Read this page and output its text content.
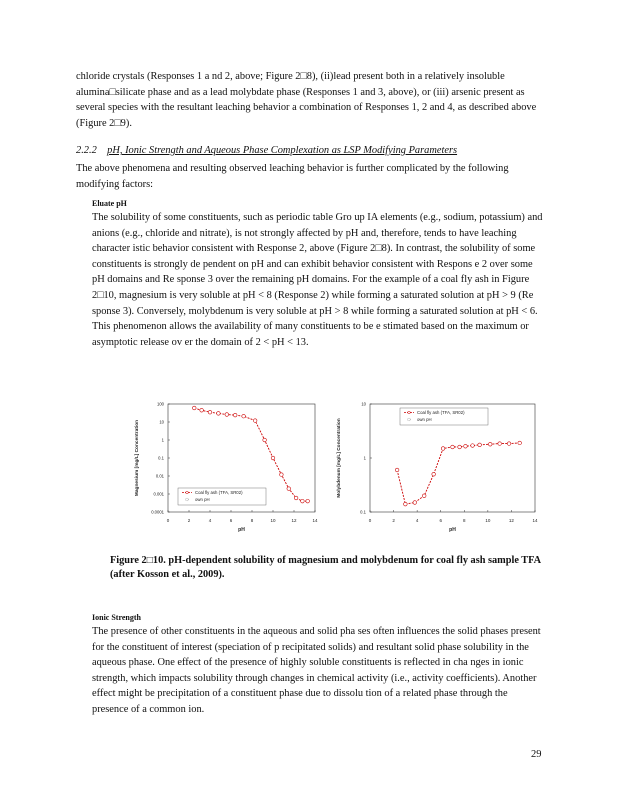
chloride crystals (Responses 1 a nd 2, above; Figure 2□8), (ii)lead present both in a relatively insoluble alumina□silicate phase and as a lead molybdate phase (Responses 1 and 3, above), or (iii) arsenic present as several species with the resultant leaching behavior a combination of Responses 1, 2 and 4, as described above (Figure 2□9).
2.2.2 pH, Ionic Strength and Aqueous Phase Complexation as LSP Modifying Parameters
The above phenomena and resulting observed leaching behavior is further complicated by the following modifying factors:
Eluate pH
The solubility of some constituents, such as periodic table Gro up IA elements (e.g., sodium, potassium) and anions (e.g., chloride and nitrate), is not strongly affected by pH and, therefore, tends to have leaching character istic behavior consistent with Response 2, above (Figure 2□8). In contrast, the solubility of some constituents is strongly de pendent on pH and can exhibit behavior consistent with Respons e 2 over some pH domains and Re sponse 3 over the remaining pH domains. For the example of a coal fly ash in Figure 2□10, magnesium is very soluble at pH < 8 (Response 2) while forming a saturated solution at pH > 9 (Re sponse 3). Conversely, molybdenum is very soluble at pH > 8 while forming a saturated solution at pH < 6. This phenomenon allows the availability of many constituents to be e stimated based on the maximum or asymptotic release ov er the domain of 2 < pH < 13.
0	2	4	6	8	10	12	14
0.0001
0.001
0.01
0.1
1
10
100
pH
Magnesium [mg/L] Concentration	Coal fly ash (TFA, SR02)
own pH
0	2	4	6	8	10	12	14
0.1
1
10
pH
Molybdenum [mg/L] Concentration
Coal fly ash (TFA, SR02)
own pH
Figure 2□10. pH-dependent solubility of magnesium and molybdenum for coal fly ash sample TFA (after Kosson et al., 2009).
Ionic Strength
The presence of other constituents in the aqueous and solid pha ses often influences the solid phases present for the constituent of interest (speciation of p recipitated solids) and resultant solid phase solubility in the aqueous phase. One effect of the presence of highly soluble constituents is reflected in cha nges in ionic strength, which impacts solubility through changes in chemical activity (i.e., activity coefficients). Another effect might be precipitation of a constituent phase due to dissolu tion of a related phase through the presence of a common ion.
29
